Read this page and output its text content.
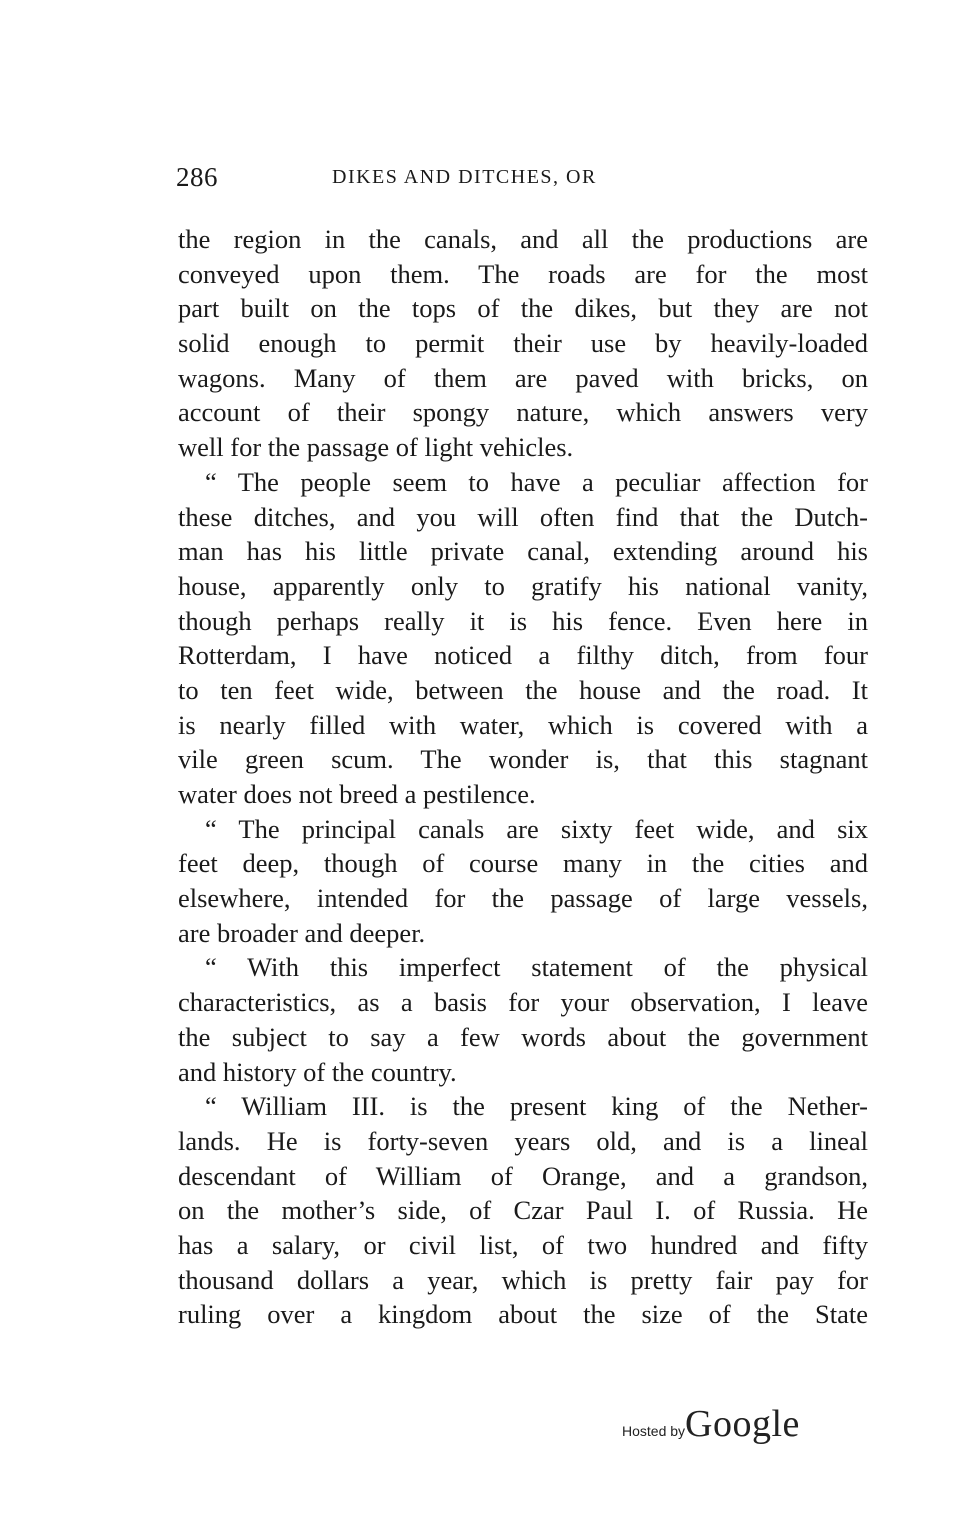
286	DIKES AND DITCHES, OR
the region in the canals, and all the productions are
conveyed upon them. The roads are for the most
part built on the tops of the dikes, but they are not
solid enough to permit their use by heavily-loaded
wagons. Many of them are paved with bricks, on
account of their spongy nature, which answers very
well for the passage of light vehicles.
“ The people seem to have a peculiar affection for
these ditches, and you will often find that the Dutch-
man has his little private canal, extending around his
house, apparently only to gratify his national vanity,
though perhaps really it is his fence. Even here in
Rotterdam, I have noticed a filthy ditch, from four
to ten feet wide, between the house and the road. It
is nearly filled with water, which is covered with a
vile green scum. The wonder is, that this stagnant
water does not breed a pestilence.
“ The principal canals are sixty feet wide, and six
feet deep, though of course many in the cities and
elsewhere, intended for the passage of large vessels,
are broader and deeper.
“ With this imperfect statement of the physical
characteristics, as a basis for your observation, I leave
the subject to say a few words about the government
and history of the country.
“ William III. is the present king of the Nether-
lands. He is forty-seven years old, and is a lineal
descendant of William of Orange, and a grandson,
on the mother’s side, of Czar Paul I. of Russia. He
has a salary, or civil list, of two hundred and fifty
thousand dollars a year, which is pretty fair pay for
ruling over a kingdom about the size of the State
Hosted byGoogle
